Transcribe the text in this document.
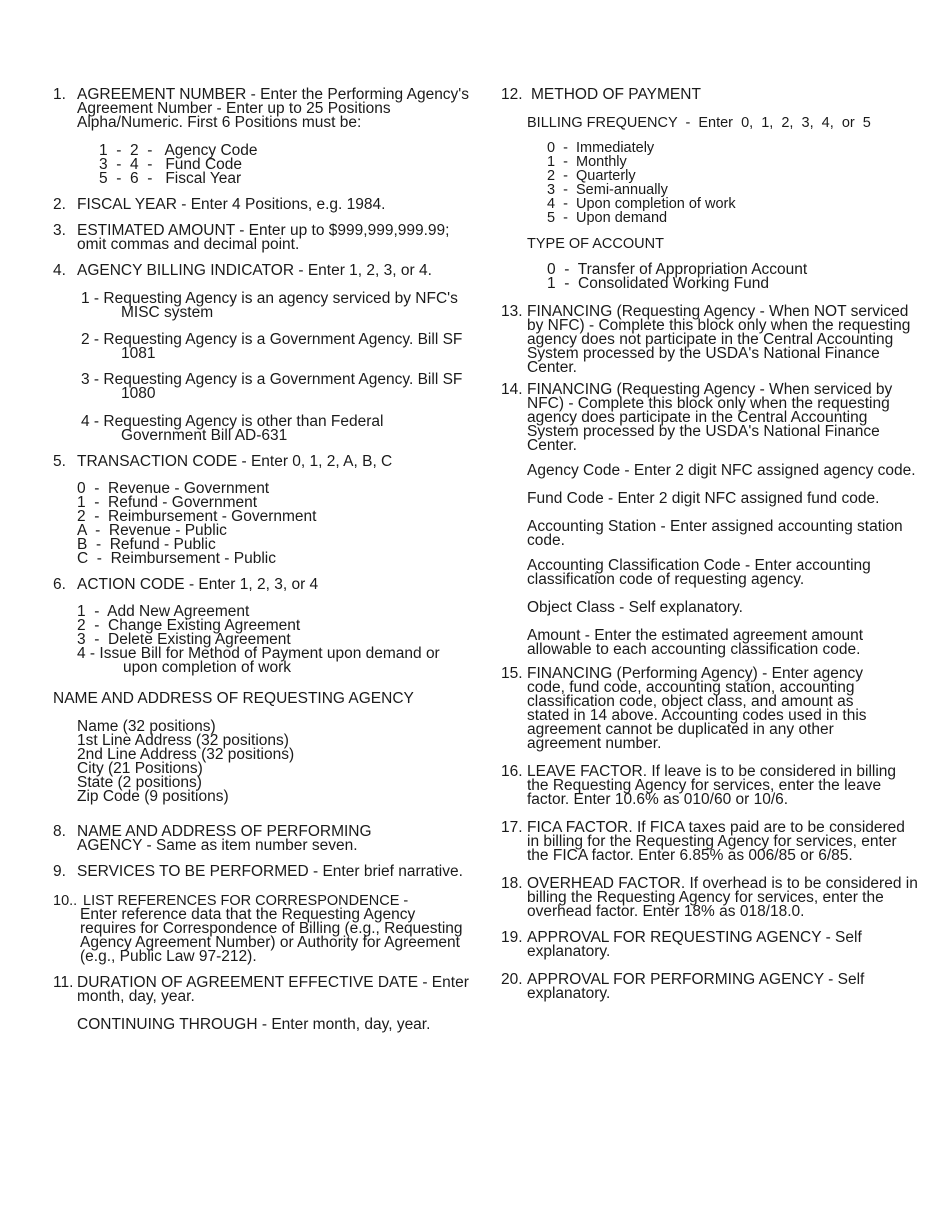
1. AGREEMENT NUMBER - Enter the Performing Agency's Agreement Number - Enter up to 25 Positions Alpha/Numeric. First 6 Positions must be:

1  -  2  -   Agency Code
3  -  4  -   Fund Code
5  -  6  -   Fiscal Year
2. FISCAL YEAR - Enter 4 Positions, e.g. 1984.

3. ESTIMATED AMOUNT - Enter up to $999,999,999.99; omit commas and decimal point.

4. AGENCY BILLING INDICATOR - Enter 1, 2, 3, or 4.

1 - Requesting Agency is an agency serviced by NFC's MISC system

2 - Requesting Agency is a Government Agency. Bill SF 1081

3 - Requesting Agency is a Government Agency. Bill SF 1080

4 - Requesting Agency is other than Federal Government Bill AD-631

5. TRANSACTION CODE - Enter 0, 1, 2, A, B, C

0  -  Revenue - Government
1  -  Refund - Government
2  -  Reimbursement - Government
A  -  Revenue - Public
B  -  Refund - Public
C  -  Reimbursement - Public
6. ACTION CODE - Enter 1, 2, 3, or 4

1  -  Add New Agreement
2  -  Change Existing Agreement
3  -  Delete Existing Agreement
4 - Issue Bill for Method of Payment upon demand or upon completion of work

NAME AND ADDRESS OF REQUESTING AGENCY

Name (32 positions)
1st Line Address (32 positions)
2nd Line Address (32 positions)
City (21 Positions)
State (2 positions)
Zip Code (9 positions)
8. NAME AND ADDRESS OF PERFORMING AGENCY - Same as item number seven.

9. SERVICES TO BE PERFORMED - Enter brief narrative.

10.. LIST REFERENCES FOR CORRESPONDENCE -

Enter reference data that the Requesting Agency requires for Correspondence of Billing (e.g., Requesting Agency Agreement Number) or Authority for Agreement (e.g., Public Law 97-212).

11. DURATION OF AGREEMENT EFFECTIVE DATE - Enter month, day, year.

CONTINUING THROUGH - Enter month, day, year.

12. METHOD OF PAYMENT

BILLING FREQUENCY  -  Enter  0,  1,  2,  3,  4,  or  5

0  -  Immediately
1  -  Monthly
2  -  Quarterly
3  -  Semi-annually
4  -  Upon completion of work
5  -  Upon demand

TYPE OF ACCOUNT

0  -  Transfer of Appropriation Account
1  -  Consolidated Working Fund
13. FINANCING (Requesting Agency - When NOT serviced by NFC) - Complete this block only when the requesting agency does not participate in the Central Accounting System processed by the USDA's National Finance Center.

14. FINANCING (Requesting Agency - When serviced by NFC) - Complete this block only when the requesting agency does participate in the Central Accounting System processed by the USDA's National Finance Center.

Agency Code - Enter 2 digit NFC assigned agency code.

Fund Code - Enter 2 digit NFC assigned fund code.

Accounting Station - Enter assigned accounting station code.

Accounting Classification Code - Enter accounting classification code of requesting agency.

Object Class - Self explanatory.

Amount - Enter the estimated agreement amount allowable to each accounting classification code.

15. FINANCING (Performing Agency) - Enter agency code, fund code, accounting station, accounting classification code, object class, and amount as stated in 14 above. Accounting codes used in this agreement cannot be duplicated in any other agreement number.

16. LEAVE FACTOR. If leave is to be considered in billing the Requesting Agency for services, enter the leave factor. Enter 10.6% as 010/60 or 10/6.

17. FICA FACTOR. If FICA taxes paid are to be considered in billing for the Requesting Agency for services, enter the FICA factor. Enter 6.85% as 006/85 or 6/85.

18. OVERHEAD FACTOR. If overhead is to be considered in billing the Requesting Agency for services, enter the overhead factor. Enter 18% as 018/18.0.

19. APPROVAL FOR REQUESTING AGENCY - Self explanatory.

20. APPROVAL FOR PERFORMING AGENCY - Self explanatory.
